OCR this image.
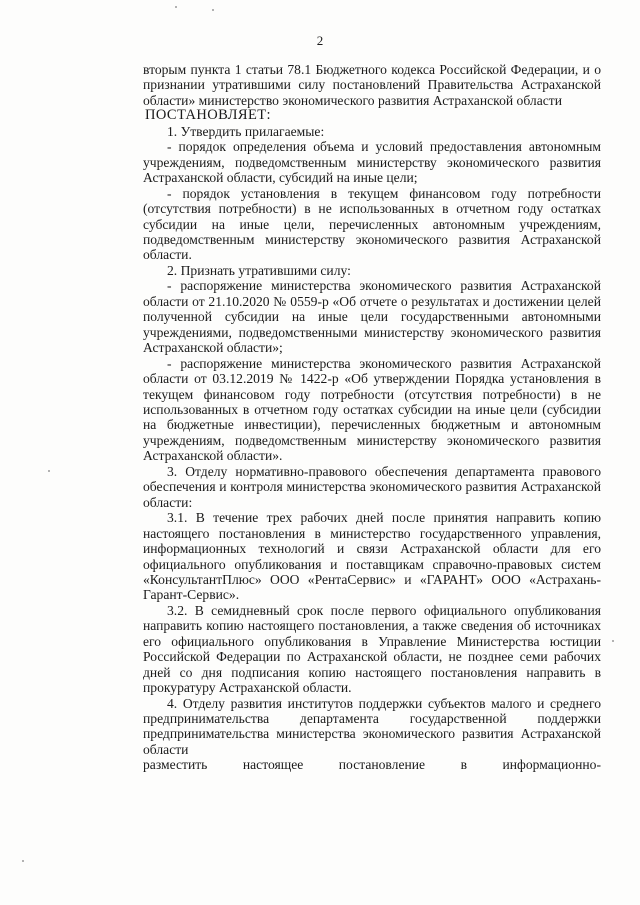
2

вторым пункта 1 статьи 78.1 Бюджетного кодекса Российской Федерации, и о признании утратившими силу постановлений Правительства Астраханской области» министерство экономического развития Астраханской области

ПОСТАНОВЛЯЕТ:

1. Утвердить прилагаемые:

- порядок определения объема и условий предоставления автономным учреждениям, подведомственным министерству экономического развития Астраханской области, субсидий на иные цели;

- порядок установления в текущем финансовом году потребности (отсутствия потребности) в не использованных в отчетном году остатках субсидии на иные цели, перечисленных автономным учреждениям, подведомственным министерству экономического развития Астраханской области.

2. Признать утратившими силу:

- распоряжение министерства экономического развития Астраханской области от 21.10.2020 № 0559-р «Об отчете о результатах и достижении целей полученной субсидии на иные цели государственными автономными учреждениями, подведомственными министерству экономического развития Астраханской области»;

- распоряжение министерства экономического развития Астраханской области от 03.12.2019 № 1422-р «Об утверждении Порядка установления в текущем финансовом году потребности (отсутствия потребности) в не использованных в отчетном году остатках субсидии на иные цели (субсидии на бюджетные инвестиции), перечисленных бюджетным и автономным учреждениям, подведомственным министерству экономического развития Астраханской области».

3. Отделу нормативно-правового обеспечения департамента правового обеспечения и контроля министерства экономического развития Астраханской области:

3.1. В течение трех рабочих дней после принятия направить копию настоящего постановления в министерство государственного управления, информационных технологий и связи Астраханской области для его официального опубликования и поставщикам справочно-правовых систем «КонсультантПлюс» ООО «РентаСервис» и «ГАРАНТ» ООО «Астрахань-Гарант-Сервис».

3.2. В семидневный срок после первого официального опубликования направить копию настоящего постановления, а также сведения об источниках его официального опубликования в Управление Министерства юстиции Российской Федерации по Астраханской области, не позднее семи рабочих дней со дня подписания копию настоящего постановления направить в прокуратуру Астраханской области.

4. Отделу развития институтов поддержки субъектов малого и среднего предпринимательства департамента государственной поддержки предпринимательства министерства экономического развития Астраханской области

разместить	настоящее	постановление	в	информационно-
